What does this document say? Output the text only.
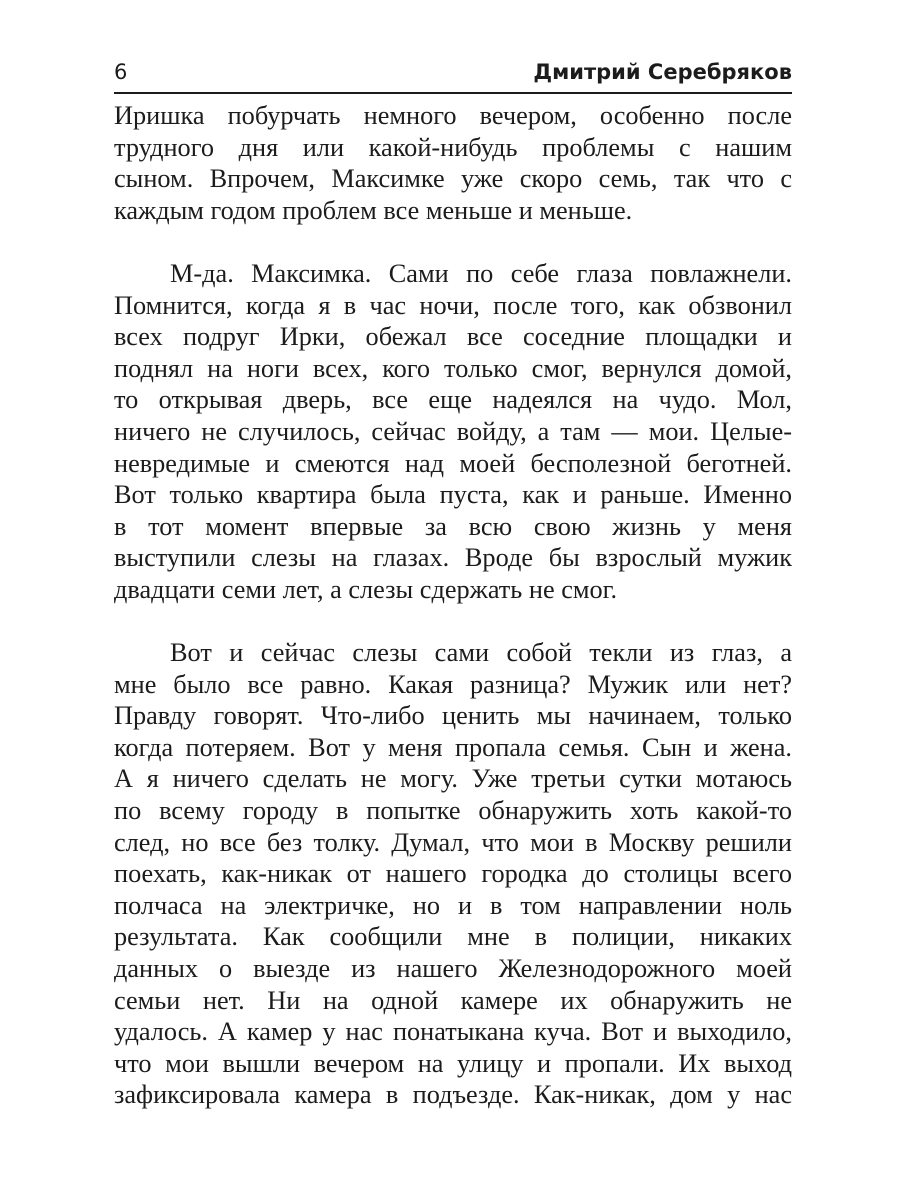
6	Дмитрий Серебряков
Иришка побурчать немного вечером, особенно после
трудного дня или какой-нибудь проблемы с нашим
сыном. Впрочем, Максимке уже скоро семь, так что с
каждым годом проблем все меньше и меньше.
М-да. Максимка. Сами по себе глаза повлажнели.
Помнится, когда я в час ночи, после того, как обзвонил
всех подруг Ирки, обежал все соседние площадки и
поднял на ноги всех, кого только смог, вернулся домой,
то открывая дверь, все еще надеялся на чудо. Мол,
ничего не случилось, сейчас войду, а там — мои. Целые-
невредимые и смеются над моей бесполезной беготней.
Вот только квартира была пуста, как и раньше. Именно
в тот момент впервые за всю свою жизнь у меня
выступили слезы на глазах. Вроде бы взрослый мужик
двадцати семи лет, а слезы сдержать не смог.
Вот и сейчас слезы сами собой текли из глаз, а
мне было все равно. Какая разница? Мужик или нет?
Правду говорят. Что-либо ценить мы начинаем, только
когда потеряем. Вот у меня пропала семья. Сын и жена.
А я ничего сделать не могу. Уже третьи сутки мотаюсь
по всему городу в попытке обнаружить хоть какой-то
след, но все без толку. Думал, что мои в Москву решили
поехать, как-никак от нашего городка до столицы всего
полчаса на электричке, но и в том направлении ноль
результата. Как сообщили мне в полиции, никаких
данных о выезде из нашего Железнодорожного моей
семьи нет. Ни на одной камере их обнаружить не
удалось. А камер у нас понатыкана куча. Вот и выходило,
что мои вышли вечером на улицу и пропали. Их выход
зафиксировала камера в подъезде. Как-никак, дом у нас
